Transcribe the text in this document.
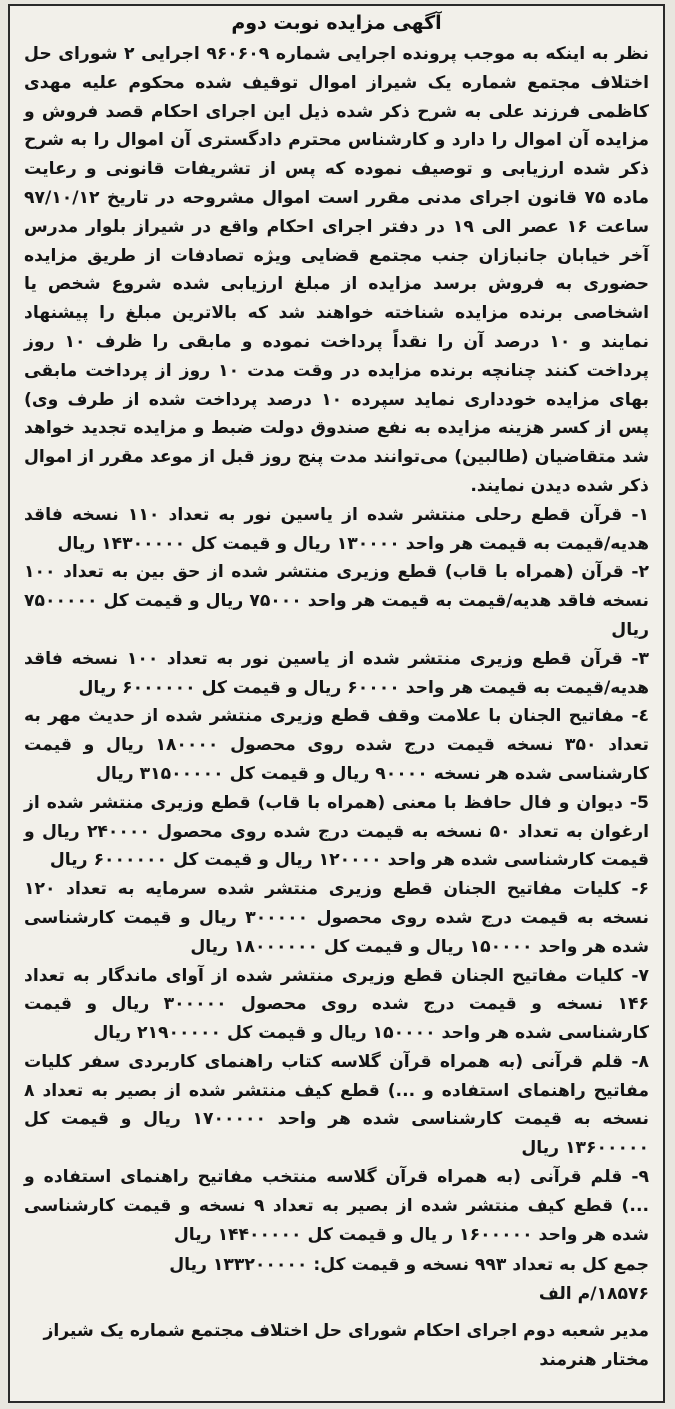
آگهی مزایده نوبت دوم

نظر به اینکه به موجب پرونده اجرایی شماره ۹۶۰۶۰۹ اجرایی ۲ شورای حل اختلاف مجتمع شماره یک شیراز اموال توقیف شده محکوم علیه مهدی کاظمی فرزند علی به شرح ذکر شده ذیل این اجرای احکام قصد فروش و مزایده آن اموال را دارد و کارشناس محترم دادگستری آن اموال را به شرح ذکر شده ارزیابی و توصیف نموده که پس از تشریفات قانونی و رعایت ماده ۷۵ قانون اجرای مدنی مقرر است اموال مشروحه در تاریخ ۹۷/۱۰/۱۲ ساعت ۱۶ عصر الی ۱۹ در دفتر اجرای احکام واقع در شیراز بلوار مدرس آخر خیابان جانبازان جنب مجتمع قضایی ویژه تصادفات از طریق مزایده حضوری به فروش برسد مزایده از مبلغ ارزیابی شده شروع شخص یا اشخاصی برنده مزایده شناخته خواهند شد که بالاترین مبلغ را پیشنهاد نمایند و ۱۰ درصد آن را نقداً پرداخت نموده و مابقی را ظرف ۱۰ روز پرداخت کنند چنانچه برنده مزایده در وقت مدت ۱۰ روز از پرداخت مابقی بهای مزایده خودداری نماید سپرده ۱۰ درصد پرداخت شده از طرف وی) پس از کسر هزینه مزایده به نفع صندوق دولت ضبط و مزایده تجدید خواهد شد متقاضیان (طالبین) می‌توانند مدت پنج روز قبل از موعد مقرر از اموال ذکر شده دیدن نمایند.

۱- قرآن قطع رحلی منتشر شده از یاسین نور به تعداد ۱۱۰ نسخه فاقد هدیه/قیمت به قیمت هر واحد ۱۳۰۰۰۰ ریال و قیمت کل ۱۴۳۰۰۰۰۰ ریال

۲- قرآن (همراه با قاب) قطع وزیری منتشر شده از حق بین به تعداد ۱۰۰ نسخه فاقد هدیه/قیمت به قیمت هر واحد ۷۵۰۰۰ ریال و قیمت کل ۷۵۰۰۰۰۰ ریال

۳- قرآن قطع وزیری منتشر شده از یاسین نور به تعداد ۱۰۰ نسخه فاقد هدیه/قیمت به قیمت هر واحد ۶۰۰۰۰ ریال و قیمت کل ۶۰۰۰۰۰۰ ریال

٤- مفاتیح الجنان با علامت وقف قطع وزیری منتشر شده از حدیث مهر به تعداد ۳۵۰ نسخه قیمت درج شده روی محصول ۱۸۰۰۰۰ ریال و قیمت کارشناسی شده هر نسخه ۹۰۰۰۰ ریال و قیمت کل ۳۱۵۰۰۰۰۰ ریال

5- دیوان و فال حافظ با معنی (همراه با قاب) قطع وزیری منتشر شده از ارغوان به تعداد ۵۰ نسخه به قیمت درج شده روی محصول ۲۴۰۰۰۰ ریال و قیمت کارشناسی شده هر واحد ۱۲۰۰۰۰ ریال و قیمت کل ۶۰۰۰۰۰۰ ریال

۶- کلیات مفاتیح الجنان قطع وزیری منتشر شده سرمایه به تعداد ۱۲۰ نسخه به قیمت درج شده روی محصول ۳۰۰۰۰۰ ریال و قیمت کارشناسی شده هر واحد ۱۵۰۰۰۰ ریال و قیمت کل ۱۸۰۰۰۰۰۰ ریال

۷- کلیات مفاتیح الجنان قطع وزیری منتشر شده از آوای ماندگار به تعداد ۱۴۶ نسخه و قیمت درج شده روی محصول ۳۰۰۰۰۰ ریال و قیمت کارشناسی شده هر واحد ۱۵۰۰۰۰ ریال و قیمت کل ۲۱۹۰۰۰۰۰ ریال

۸- قلم قرآنی (به همراه قرآن گلاسه کتاب راهنمای کاربردی سفر کلیات مفاتیح راهنمای استفاده و ...) قطع کیف منتشر شده از بصیر به تعداد ۸ نسخه به قیمت کارشناسی شده هر واحد ۱۷۰۰۰۰۰ ریال و قیمت کل ۱۳۶۰۰۰۰۰ ریال

۹- قلم قرآنی (به همراه قرآن گلاسه منتخب مفاتیح راهنمای استفاده و ...) قطع کیف منتشر شده از بصیر به تعداد ۹ نسخه و قیمت کارشناسی شده هر واحد ۱۶۰۰۰۰۰ ر یال و قیمت کل ۱۴۴۰۰۰۰۰ ریال

جمع کل به تعداد ۹۹۳ نسخه و قیمت کل: ۱۳۳۲۰۰۰۰۰ ریال

۱۸۵۷۶/م الف

مدیر شعبه دوم اجرای احکام شورای حل اختلاف مجتمع شماره یک شیراز

مختار هنرمند
